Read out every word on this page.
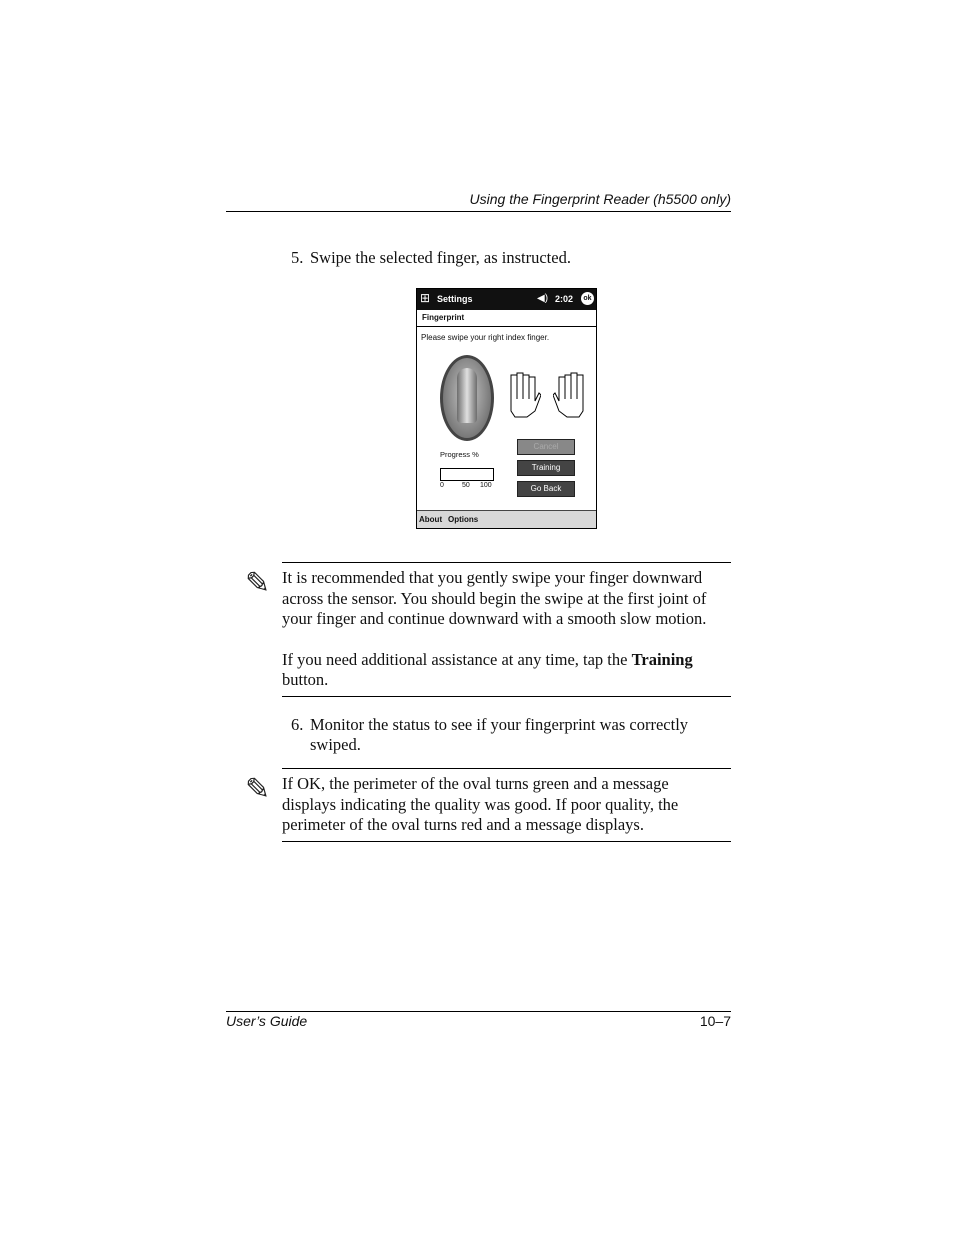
Using the Fingerprint Reader (h5500 only)
5. Swipe the selected finger, as instructed.
⊞ Settings	◀) 2:02	ok
Fingerprint
Please swipe your right index finger.
Progress %
0	50 100
Cancel
Training
Go Back
About Options
✎ It is recommended that you gently swipe your finger downward

across the sensor. You should begin the swipe at the first joint of

your finger and continue downward with a smooth slow motion.

If you need additional assistance at any time, tap the Training

button.

6. Monitor the status to see if your fingerprint was correctly
swiped.
✎ If OK, the perimeter of the oval turns green and a message

displays indicating the quality was good. If poor quality, the

perimeter of the oval turns red and a message displays.

User’s Guide	10–7
